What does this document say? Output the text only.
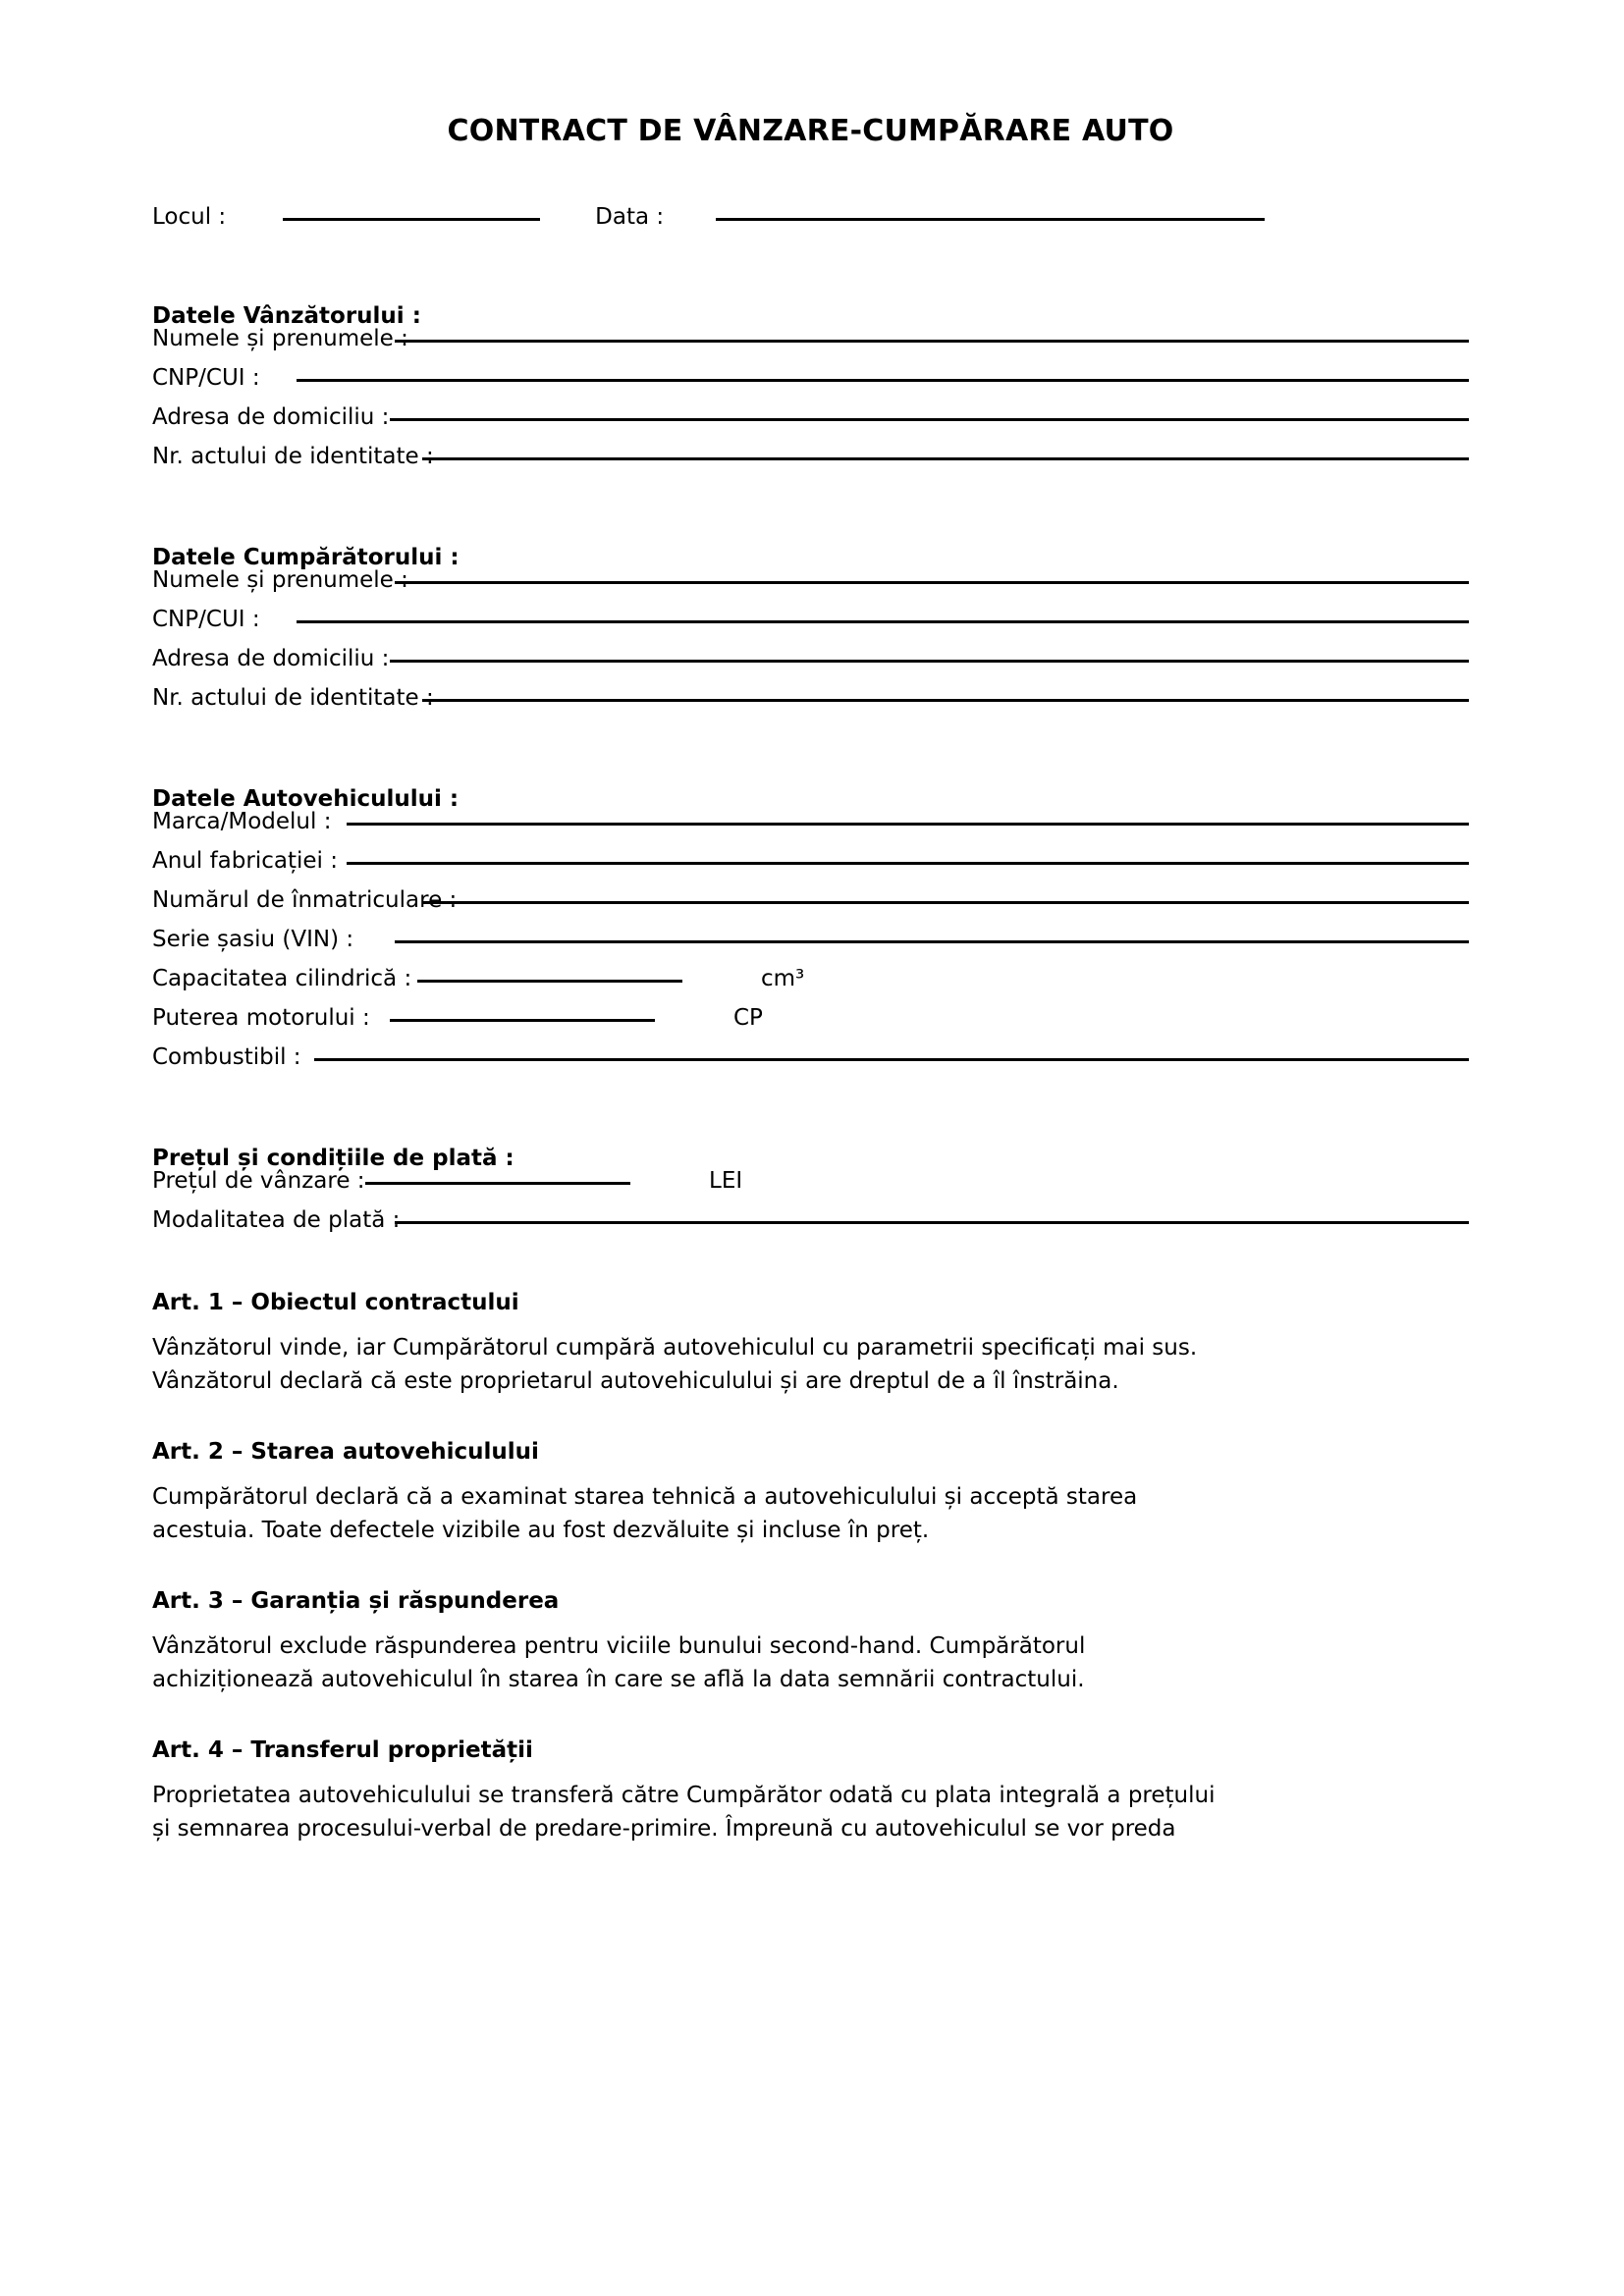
CONTRACT DE VÂNZARE-CUMPĂRARE AUTO
Locul :	Data :
Datele Vânzătorului :
Numele și prenumele :
CNP/CUI :
Adresa de domiciliu :
Nr. actului de identitate :
Datele Cumpărătorului :
Numele și prenumele :
CNP/CUI :
Adresa de domiciliu :
Nr. actului de identitate :
Datele Autovehiculului :
Marca/Modelul :
Anul fabricației :
Numărul de înmatriculare :
Serie șasiu (VIN) :
Capacitatea cilindrică :	cm³
Puterea motorului :	CP
Combustibil :
Prețul și condițiile de plată :
Prețul de vânzare :	LEI
Modalitatea de plată :
Art. 1 – Obiectul contractului

Vânzătorul vinde, iar Cumpărătorul cumpără autovehiculul cu parametrii specificați mai sus.

Vânzătorul declară că este proprietarul autovehiculului și are dreptul de a îl înstrăina.

Art. 2 – Starea autovehiculului

Cumpărătorul declară că a examinat starea tehnică a autovehiculului și acceptă starea

acestuia. Toate defectele vizibile au fost dezvăluite și incluse în preț.

Art. 3 – Garanția și răspunderea

Vânzătorul exclude răspunderea pentru viciile bunului second-hand. Cumpărătorul

achiziționează autovehiculul în starea în care se află la data semnării contractului.

Art. 4 – Transferul proprietății

Proprietatea autovehiculului se transferă către Cumpărător odată cu plata integrală a prețului

și semnarea procesului-verbal de predare-primire. Împreună cu autovehiculul se vor preda
